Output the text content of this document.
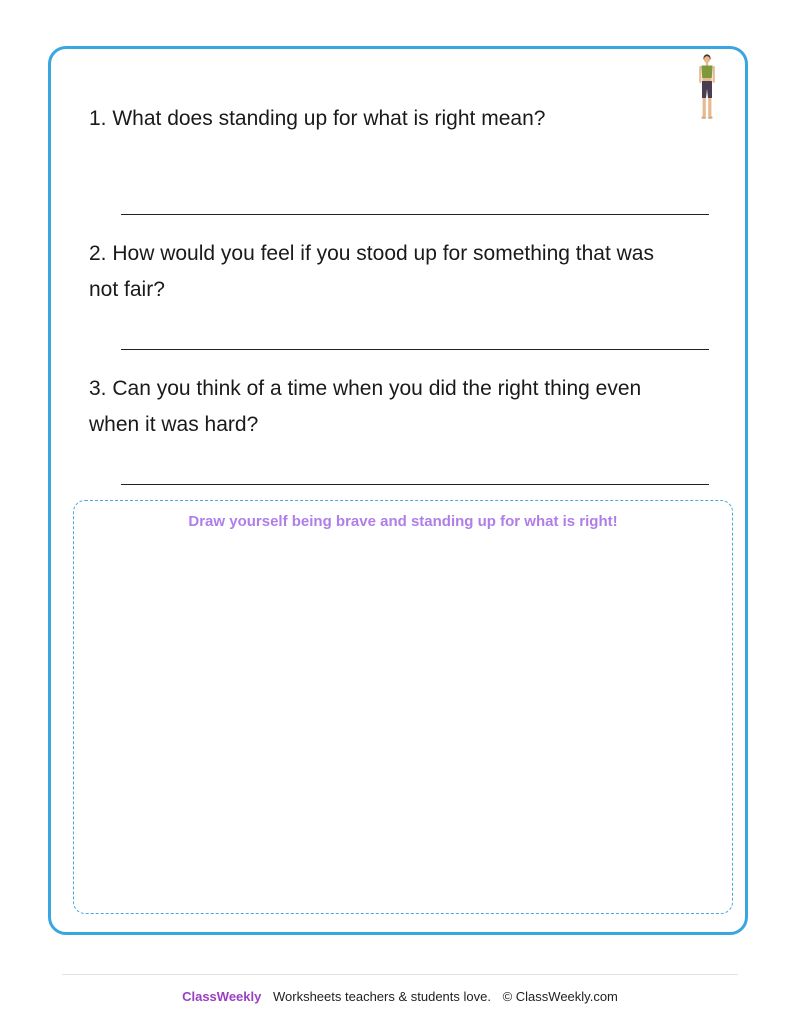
1. What does standing up for what is right mean?
2. How would you feel if you stood up for something that was not fair?
3. Can you think of a time when you did the right thing even when it was hard?
Draw yourself being brave and standing up for what is right!
ClassWeekly Worksheets teachers & students love. © ClassWeekly.com
